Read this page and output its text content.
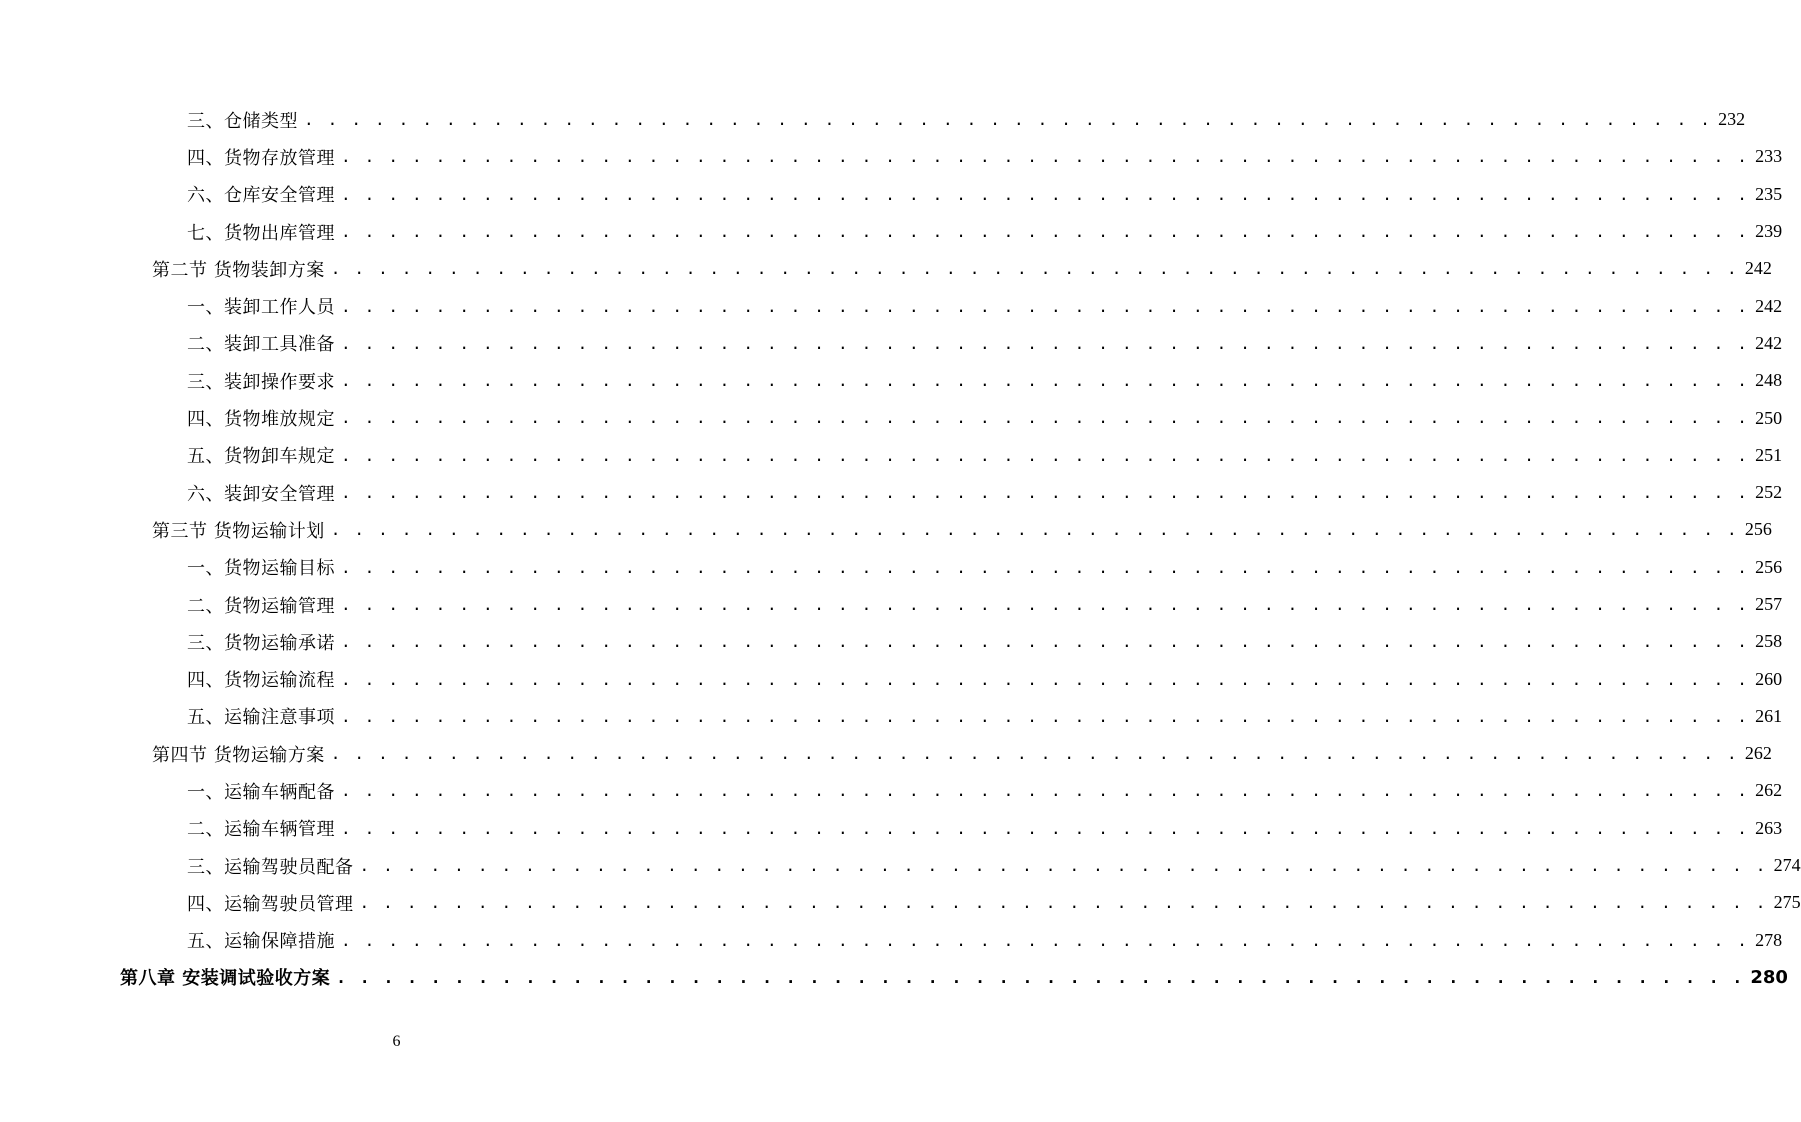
三、仓储类型 . . . . . . . . . . . . . . . . . . . . . . . . . . . . . . . . . . . . . . . . . . . . . . . . . . . . . . . . . . . . 232
四、货物存放管理 . . . . . . . . . . . . . . . . . . . . . . . . . . . . . . . . . . . . . . . . . . . . . . . . . . . . . . . . . . . . 233
六、仓库安全管理 . . . . . . . . . . . . . . . . . . . . . . . . . . . . . . . . . . . . . . . . . . . . . . . . . . . . . . . . . . . . 235
七、货物出库管理 . . . . . . . . . . . . . . . . . . . . . . . . . . . . . . . . . . . . . . . . . . . . . . . . . . . . . . . . . . . . 239
第二节 货物装卸方案 . . . . . . . . . . . . . . . . . . . . . . . . . . . . . . . . . . . . . . . . . . . . . . . . . . . . . . . . . . . . 242
一、装卸工作人员 . . . . . . . . . . . . . . . . . . . . . . . . . . . . . . . . . . . . . . . . . . . . . . . . . . . . . . . . . . . . 242
二、装卸工具准备 . . . . . . . . . . . . . . . . . . . . . . . . . . . . . . . . . . . . . . . . . . . . . . . . . . . . . . . . . . . . 242
三、装卸操作要求 . . . . . . . . . . . . . . . . . . . . . . . . . . . . . . . . . . . . . . . . . . . . . . . . . . . . . . . . . . . . 248
四、货物堆放规定 . . . . . . . . . . . . . . . . . . . . . . . . . . . . . . . . . . . . . . . . . . . . . . . . . . . . . . . . . . . . 250
五、货物卸车规定 . . . . . . . . . . . . . . . . . . . . . . . . . . . . . . . . . . . . . . . . . . . . . . . . . . . . . . . . . . . . 251
六、装卸安全管理 . . . . . . . . . . . . . . . . . . . . . . . . . . . . . . . . . . . . . . . . . . . . . . . . . . . . . . . . . . . . 252
第三节 货物运输计划 . . . . . . . . . . . . . . . . . . . . . . . . . . . . . . . . . . . . . . . . . . . . . . . . . . . . . . . . . . . . 256
一、货物运输目标 . . . . . . . . . . . . . . . . . . . . . . . . . . . . . . . . . . . . . . . . . . . . . . . . . . . . . . . . . . . . 256
二、货物运输管理 . . . . . . . . . . . . . . . . . . . . . . . . . . . . . . . . . . . . . . . . . . . . . . . . . . . . . . . . . . . . 257
三、货物运输承诺 . . . . . . . . . . . . . . . . . . . . . . . . . . . . . . . . . . . . . . . . . . . . . . . . . . . . . . . . . . . . 258
四、货物运输流程 . . . . . . . . . . . . . . . . . . . . . . . . . . . . . . . . . . . . . . . . . . . . . . . . . . . . . . . . . . . . 260
五、运输注意事项 . . . . . . . . . . . . . . . . . . . . . . . . . . . . . . . . . . . . . . . . . . . . . . . . . . . . . . . . . . . . 261
第四节 货物运输方案 . . . . . . . . . . . . . . . . . . . . . . . . . . . . . . . . . . . . . . . . . . . . . . . . . . . . . . . . . . . . 262
一、运输车辆配备 . . . . . . . . . . . . . . . . . . . . . . . . . . . . . . . . . . . . . . . . . . . . . . . . . . . . . . . . . . . . 262
二、运输车辆管理 . . . . . . . . . . . . . . . . . . . . . . . . . . . . . . . . . . . . . . . . . . . . . . . . . . . . . . . . . . . . 263
三、运输驾驶员配备 . . . . . . . . . . . . . . . . . . . . . . . . . . . . . . . . . . . . . . . . . . . . . . . . . . . . . . . . . . . . 274
四、运输驾驶员管理 . . . . . . . . . . . . . . . . . . . . . . . . . . . . . . . . . . . . . . . . . . . . . . . . . . . . . . . . . . . . 275
五、运输保障措施 . . . . . . . . . . . . . . . . . . . . . . . . . . . . . . . . . . . . . . . . . . . . . . . . . . . . . . . . . . . . 278
第八章 安装调试验收方案 . . . . . . . . . . . . . . . . . . . . . . . . . . . . . . . . . . . . . . . . . . . . . . . . . . . . . . . . . . . . 280
6
